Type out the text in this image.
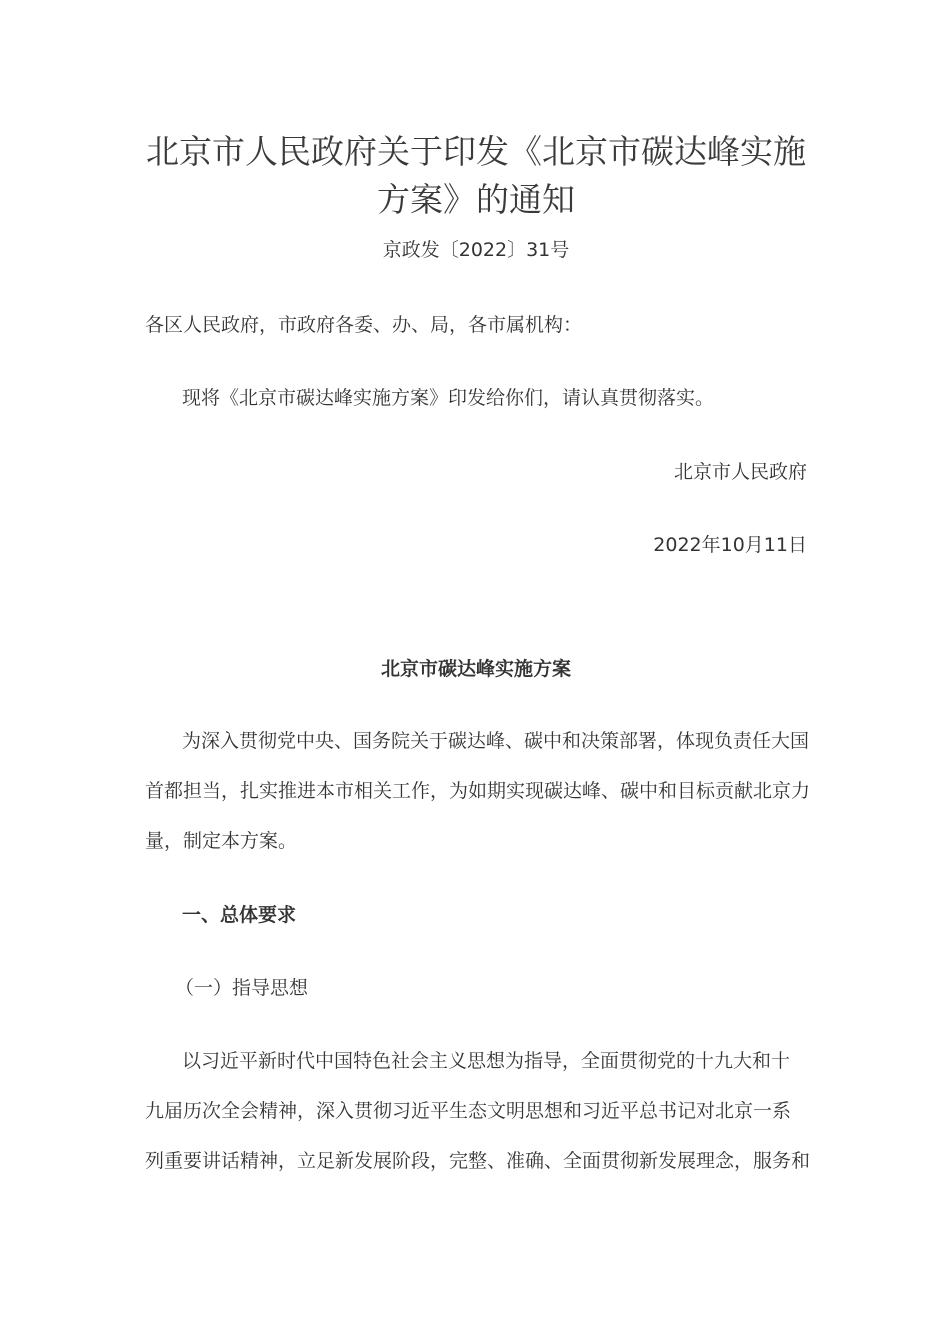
北京市人民政府关于印发《北京市碳达峰实施
方案》的通知
京政发〔2022〕31号
各区人民政府，市政府各委、办、局，各市属机构：
现将《北京市碳达峰实施方案》印发给你们，请认真贯彻落实。
北京市人民政府
2022年10月11日
北京市碳达峰实施方案
为深入贯彻党中央、国务院关于碳达峰、碳中和决策部署，体现负责任大国
首都担当，扎实推进本市相关工作，为如期实现碳达峰、碳中和目标贡献北京力
量，制定本方案。
一、总体要求
（一）指导思想
以习近平新时代中国特色社会主义思想为指导，全面贯彻党的十九大和十
九届历次全会精神，深入贯彻习近平生态文明思想和习近平总书记对北京一系
列重要讲话精神，立足新发展阶段，完整、准确、全面贯彻新发展理念，服务和
